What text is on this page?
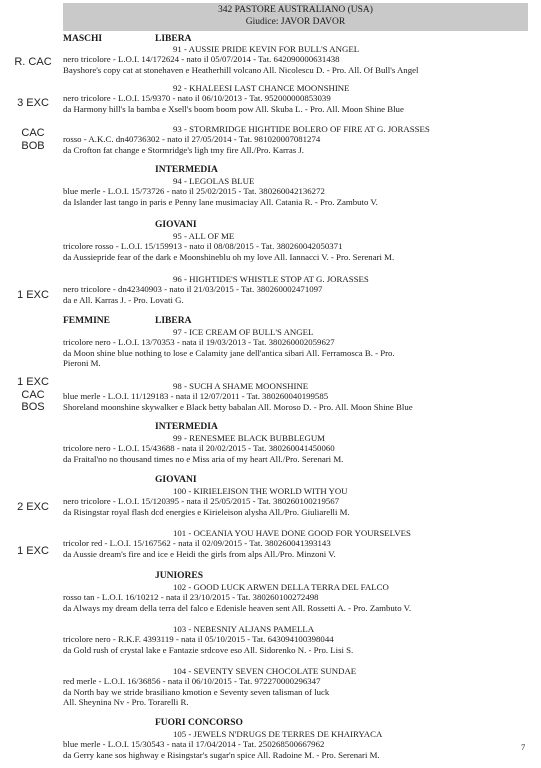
342 PASTORE AUSTRALIANO (USA)
Giudice: JAVOR DAVOR
MASCHI	LIBERA
R. CAC
91 - AUSSIE PRIDE KEVIN FOR BULL'S ANGEL
nero tricolore - L.O.I. 14/172624 - nato il 05/07/2014 - Tat. 642090000631438
Bayshore's copy cat at stonehaven e Heatherhill volcano All. Nicolescu D. - Pro. All. Of Bull's Angel
3 EXC
92 - KHALEESI LAST CHANCE MOONSHINE
nero tricolore - L.O.I. 15/9370 - nato il 06/10/2013 - Tat. 952000000853039
da Harmony hill's la bamba e Xsell's boom boom pow All. Skuba L. - Pro. All. Moon Shine Blue
CAC
BOB
93 - STORMRIDGE HIGHTIDE BOLERO OF FIRE AT G. JORASSES
rosso - A.K.C. dn40736302 - nato il 27/05/2014 - Tat. 981020007081274
da Crofton fat change e Stormridge's ligh tmy fire All./Pro. Karras J.
INTERMEDIA
94 - LEGOLAS BLUE
blue merle - L.O.I. 15/73726 - nato il 25/02/2015 - Tat. 380260042136272
da Islander last tango in paris e Penny lane musimaciay All. Catania R. - Pro. Zambuto V.
GIOVANI
95 - ALL OF ME
tricolore rosso - L.O.I. 15/159913 - nato il 08/08/2015 - Tat. 380260042050371
da Aussiepride fear of the dark e Moonshineblu oh my love All. Iannacci V. - Pro. Serenari M.
1 EXC
96 - HIGHTIDE'S WHISTLE STOP AT G. JORASSES
nero tricolore - dn42340903 - nato il 21/03/2015 - Tat. 380260002471097
da e All. Karras J. - Pro. Lovati G.
FEMMINE	LIBERA
97 - ICE CREAM OF BULL'S ANGEL
tricolore nero - L.O.I. 13/70353 - nata il 19/03/2013 - Tat. 380260002059627
da Moon shine blue nothing to lose e Calamity jane dell'antica sibari All. Ferramosca B. - Pro.
Pieroni M.
1 EXC
CAC
BOS
98 - SUCH A SHAME MOONSHINE
blue merle - L.O.I. 11/129183 - nata il 12/07/2011 - Tat. 380260040199585
Shoreland moonshine skywalker e Black betty babalan All. Moroso D. - Pro. All. Moon Shine Blue
INTERMEDIA
99 - RENESMEE BLACK BUBBLEGUM
tricolore nero - L.O.I. 15/43688 - nata il 20/02/2015 - Tat. 380260041450060
da Fraital'no no thousand times no e Miss aria of my heart All./Pro. Serenari M.
GIOVANI
2 EXC
100 - KIRIELEISON THE WORLD WITH YOU
nero tricolore - L.O.I. 15/120395 - nata il 25/05/2015 - Tat. 380260100219567
da Risingstar royal flash dcd energies e Kirieleison alysha All./Pro. Giuliarelli M.
1 EXC
101 - OCEANIA YOU HAVE DONE GOOD FOR YOURSELVES
tricolor red - L.O.I. 15/167562 - nata il 02/09/2015 - Tat. 380260041393143
da Aussie dream's fire and ice e Heidi the girls from alps All./Pro. Minzoni V.
JUNIORES
102 - GOOD LUCK ARWEN DELLA TERRA DEL FALCO
rosso tan - L.O.I. 16/10212 - nata il 23/10/2015 - Tat. 380260100272498
da Always my dream della terra del falco e Edenisle heaven sent All. Rossetti A. - Pro. Zambuto V.
103 - NEBESNIY ALJANS PAMELLA
tricolore nero - R.K.F. 4393119 - nata il 05/10/2015 - Tat. 643094100398044
da Gold rush of crystal lake e Fantazie srdcove eso All. Sidorenko N. - Pro. Lisi S.
104 - SEVENTY SEVEN CHOCOLATE SUNDAE
red merle - L.O.I. 16/36856 - nata il 06/10/2015 - Tat. 972270000296347
da North bay we stride brasiliano kmotion e Seventy seven talisman of luck
All. Sheynina Nv - Pro. Torarelli R.
FUORI CONCORSO
105 - JEWELS N'DRUGS DE TERRES DE KHAIRYACA
blue merle - L.O.I. 15/30543 - nata il 17/04/2014 - Tat. 250268500667962
da Gerry kane sos highway e Risingstar's sugar'n spice All. Radoine M. - Pro. Serenari M.
7
